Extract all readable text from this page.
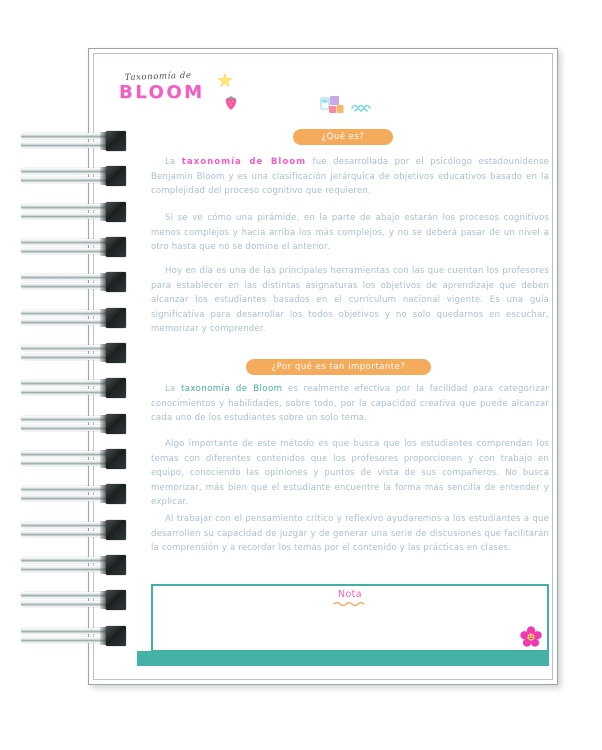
Taxonomía de
BLOOM
¿Qué es?

La taxonomía de Bloom fue desarrollada por el psicólogo estadounidense Benjamin Bloom y es una clasificación jerárquica de objetivos educativos basado en la complejidad del proceso cognitivo que requieren.

Si se ve cómo una pirámide, en la parte de abajo estarán los procesos cognitivos menos complejos y hacia arriba los más complejos, y no se deberá pasar de un nivel a otro hasta que no se domine el anterior.

Hoy en día es una de las principales herramientas con las que cuentan los profesores para establecer en las distintas asignaturas los objetivos de aprendizaje que deben alcanzar los estudiantes basados en el currículum nacional vigente. Es una guía significativa para desarrollar los todos objetivos y no solo quedarnos en escuchar, memorizar y comprender.

¿Por qué es tan importante?

La taxonomía de Bloom es realmente efectiva por la facilidad para categorizar conocimientos y habilidades, sobre todo, por la capacidad creativa que puede alcanzar cada uno de los estudiantes sobre un solo tema.

Algo importante de este método es que busca que los estudiantes comprendan los temas con diferentes contenidos que los profesores proporcionen y con trabajo en equipo, conociendo las opiniones y puntos de vista de sus compañeros. No busca memorizar, más bien que el estudiante encuentre la forma más sencilla de entender y explicar.

Al trabajar con el pensamiento crítico y reflexivo ayudaremos a los estudiantes a que desarrollen su capacidad de juzgar y de generar una serie de discusiones que facilitarán la comprensión y a recordar los temas por el contenido y las prácticas en clases.

Nota
